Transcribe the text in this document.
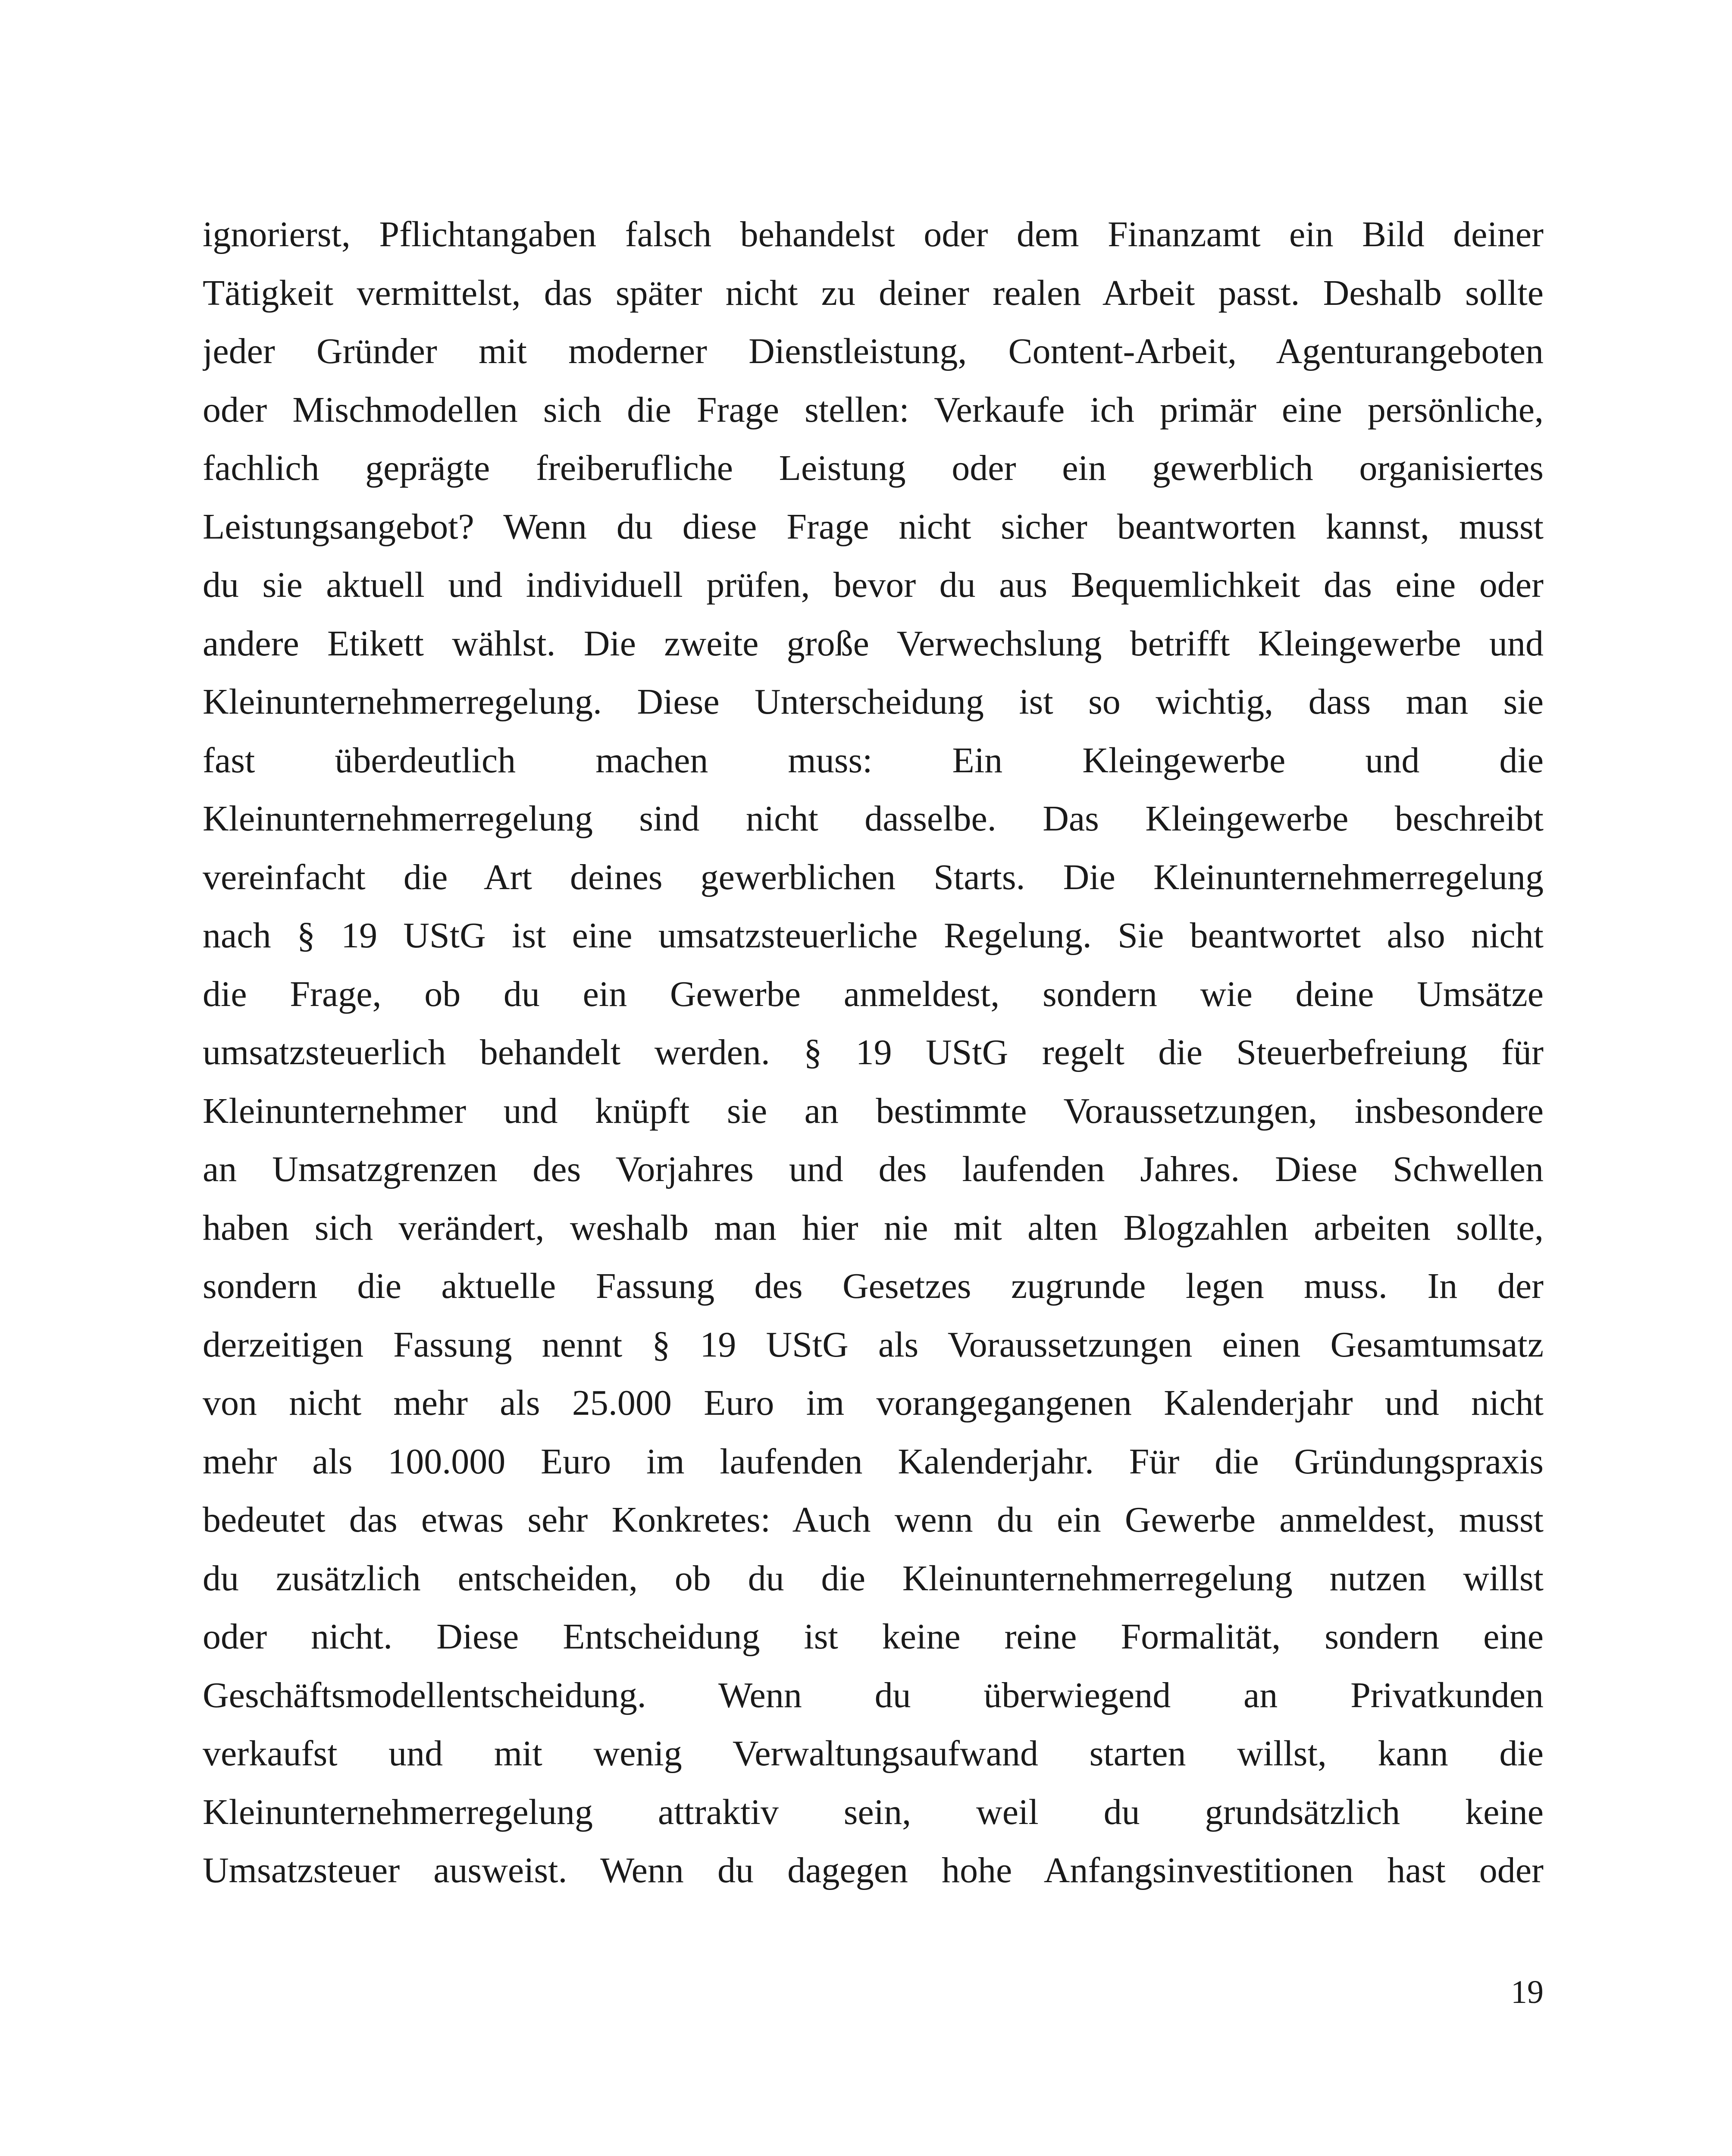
ignorierst, Pflichtangaben falsch behandelst oder dem Finanzamt ein Bild deiner
Tätigkeit vermittelst, das später nicht zu deiner realen Arbeit passt. Deshalb sollte
jeder Gründer mit moderner Dienstleistung, Content-Arbeit, Agenturangeboten
oder Mischmodellen sich die Frage stellen: Verkaufe ich primär eine persönliche,
fachlich geprägte freiberufliche Leistung oder ein gewerblich organisiertes
Leistungsangebot? Wenn du diese Frage nicht sicher beantworten kannst, musst
du sie aktuell und individuell prüfen, bevor du aus Bequemlichkeit das eine oder
andere Etikett wählst. Die zweite große Verwechslung betrifft Kleingewerbe und
Kleinunternehmerregelung. Diese Unterscheidung ist so wichtig, dass man sie
fast überdeutlich machen muss: Ein Kleingewerbe und die
Kleinunternehmerregelung sind nicht dasselbe. Das Kleingewerbe beschreibt
vereinfacht die Art deines gewerblichen Starts. Die Kleinunternehmerregelung
nach § 19 UStG ist eine umsatzsteuerliche Regelung. Sie beantwortet also nicht
die Frage, ob du ein Gewerbe anmeldest, sondern wie deine Umsätze
umsatzsteuerlich behandelt werden. § 19 UStG regelt die Steuerbefreiung für
Kleinunternehmer und knüpft sie an bestimmte Voraussetzungen, insbesondere
an Umsatzgrenzen des Vorjahres und des laufenden Jahres. Diese Schwellen
haben sich verändert, weshalb man hier nie mit alten Blogzahlen arbeiten sollte,
sondern die aktuelle Fassung des Gesetzes zugrunde legen muss. In der
derzeitigen Fassung nennt § 19 UStG als Voraussetzungen einen Gesamtumsatz
von nicht mehr als 25.000 Euro im vorangegangenen Kalenderjahr und nicht
mehr als 100.000 Euro im laufenden Kalenderjahr. Für die Gründungspraxis
bedeutet das etwas sehr Konkretes: Auch wenn du ein Gewerbe anmeldest, musst
du zusätzlich entscheiden, ob du die Kleinunternehmerregelung nutzen willst
oder nicht. Diese Entscheidung ist keine reine Formalität, sondern eine
Geschäftsmodellentscheidung. Wenn du überwiegend an Privatkunden
verkaufst und mit wenig Verwaltungsaufwand starten willst, kann die
Kleinunternehmerregelung attraktiv sein, weil du grundsätzlich keine
Umsatzsteuer ausweist. Wenn du dagegen hohe Anfangsinvestitionen hast oder
19
